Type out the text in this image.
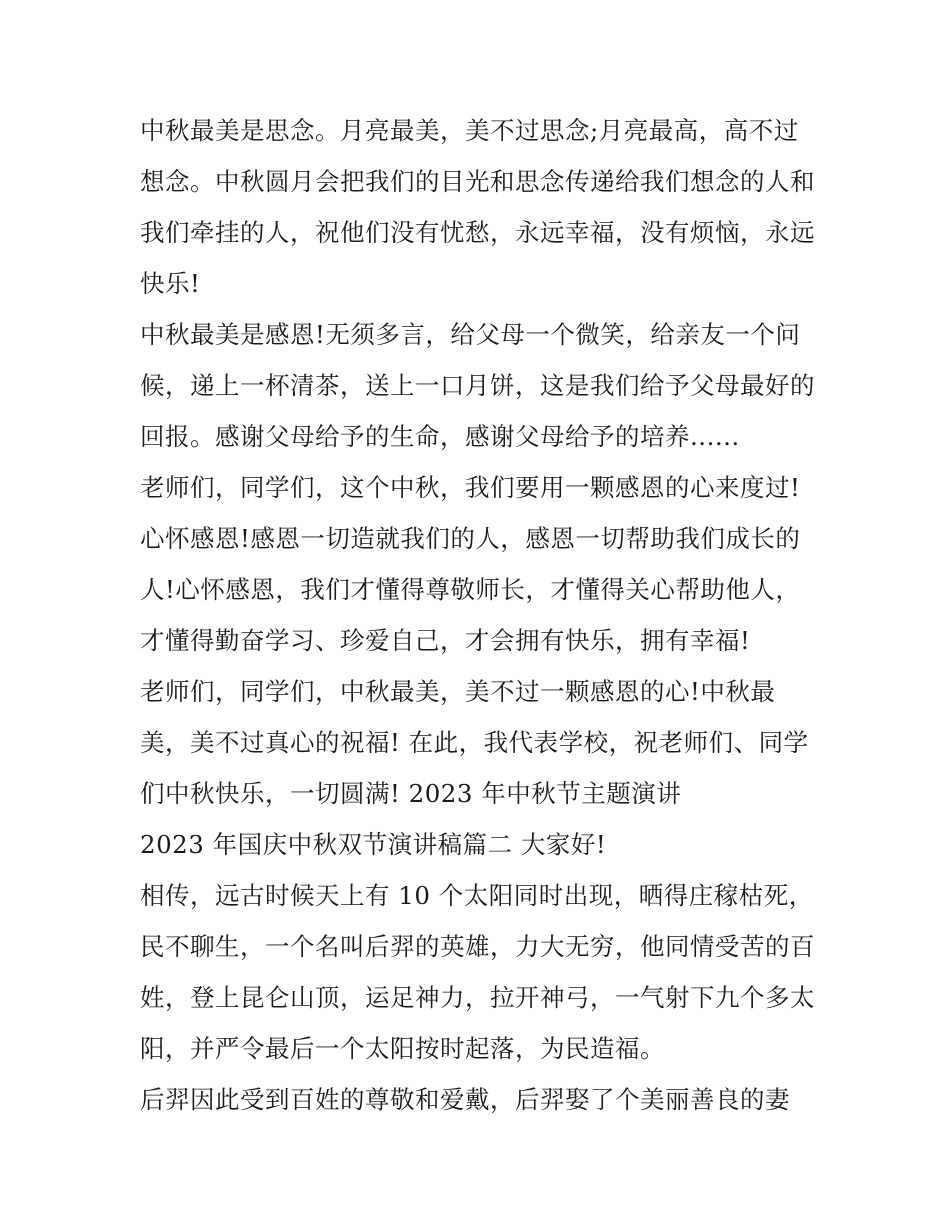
中秋最美是思念。月亮最美，美不过思念;月亮最高，高不过
想念。中秋圆月会把我们的目光和思念传递给我们想念的人和
我们牵挂的人，祝他们没有忧愁，永远幸福，没有烦恼，永远
快乐!
中秋最美是感恩!无须多言，给父母一个微笑，给亲友一个问
候，递上一杯清茶，送上一口月饼，这是我们给予父母最好的
回报。感谢父母给予的生命，感谢父母给予的培养......
老师们，同学们，这个中秋，我们要用一颗感恩的心来度过!
心怀感恩!感恩一切造就我们的人，感恩一切帮助我们成长的
人!心怀感恩，我们才懂得尊敬师长，才懂得关心帮助他人，
才懂得勤奋学习、珍爱自己，才会拥有快乐，拥有幸福!
老师们，同学们，中秋最美，美不过一颗感恩的心!中秋最
美，美不过真心的祝福! 在此，我代表学校，祝老师们、同学
们中秋快乐，一切圆满! 2023 年中秋节主题演讲
2023 年国庆中秋双节演讲稿篇二 大家好!
相传，远古时候天上有 10 个太阳同时出现，晒得庄稼枯死，
民不聊生，一个名叫后羿的英雄，力大无穷，他同情受苦的百
姓，登上昆仑山顶，运足神力，拉开神弓，一气射下九个多太
阳，并严令最后一个太阳按时起落，为民造福。
后羿因此受到百姓的尊敬和爱戴，后羿娶了个美丽善良的妻
